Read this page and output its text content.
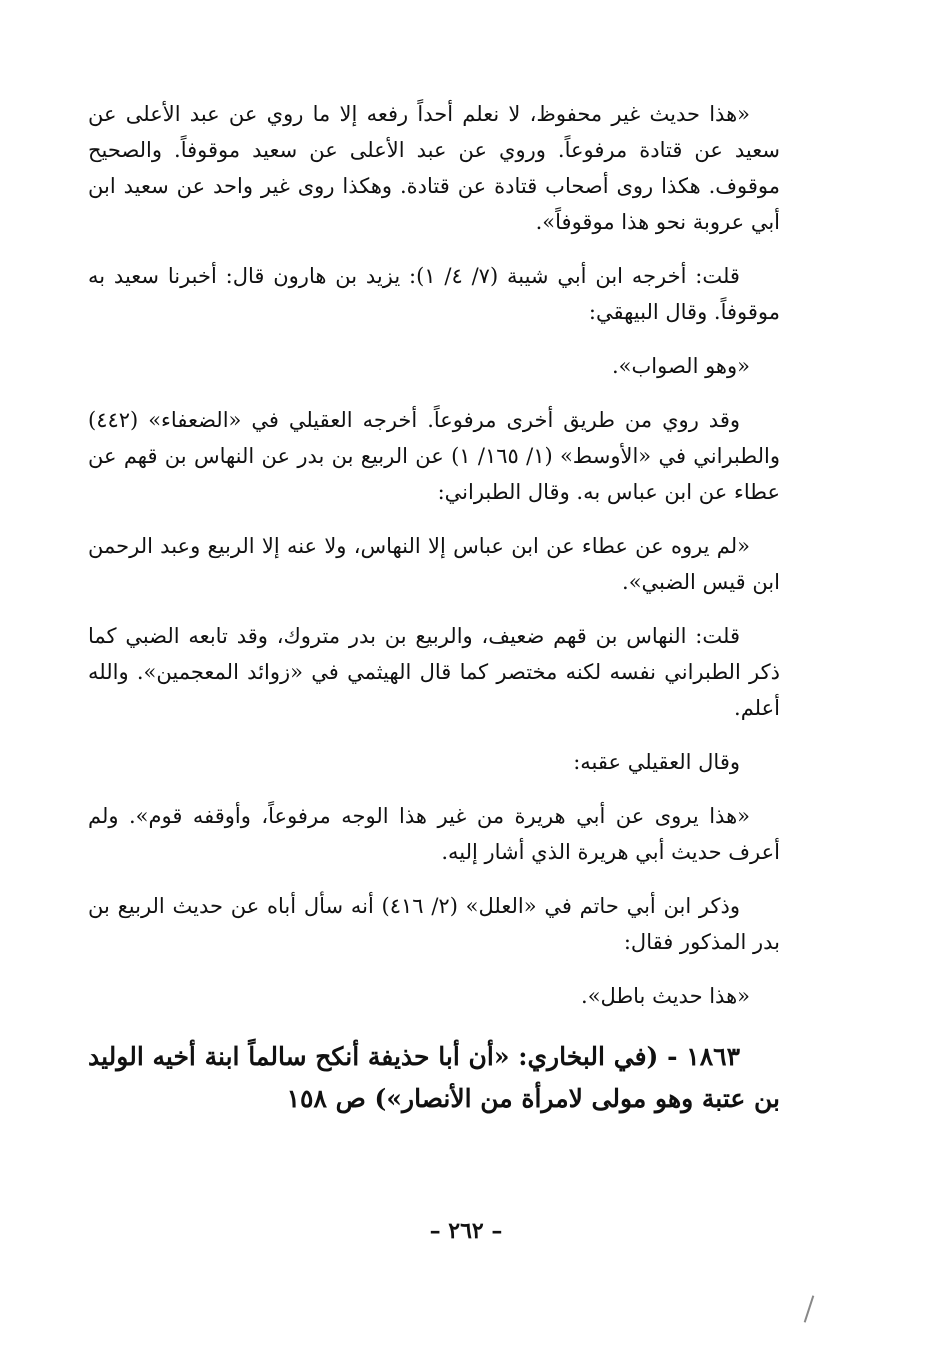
«هذا حديث غير محفوظ، لا نعلم أحداً رفعه إلا ما روي عن عبد الأعلى عن سعيد عن قتادة مرفوعاً. وروي عن عبد الأعلى عن سعيد موقوفاً. والصحيح موقوف. هكذا روى أصحاب قتادة عن قتادة. وهكذا روى غير واحد عن سعيد ابن أبي عروبة نحو هذا موقوفاً».

قلت: أخرجه ابن أبي شيبة (٧/ ٤/ ١): يزيد بن هارون قال: أخبرنا سعيد به موقوفاً. وقال البيهقي:

«وهو الصواب».

وقد روي من طريق أخرى مرفوعاً. أخرجه العقيلي في «الضعفاء» (٤٤٢) والطبراني في «الأوسط» (١/ ١٦٥/ ١) عن الربيع بن بدر عن النهاس بن قهم عن عطاء عن ابن عباس به. وقال الطبراني:

«لم يروه عن عطاء عن ابن عباس إلا النهاس، ولا عنه إلا الربيع وعبد الرحمن ابن قيس الضبي».

قلت: النهاس بن قهم ضعيف، والربيع بن بدر متروك، وقد تابعه الضبي كما ذكر الطبراني نفسه لكنه مختصر كما قال الهيثمي في «زوائد المعجمين». والله أعلم.

وقال العقيلي عقبه:

«هذا يروى عن أبي هريرة من غير هذا الوجه مرفوعاً، وأوقفه قوم». ولم أعرف حديث أبي هريرة الذي أشار إليه.

وذكر ابن أبي حاتم في «العلل» (٢/ ٤١٦) أنه سأل أباه عن حديث الربيع بن بدر المذكور فقال:

«هذا حديث باطل».

١٨٦٣ - (في البخاري: «أن أبا حذيفة أنكح سالماً ابنة أخيه الوليد بن عتبة وهو مولى لامرأة من الأنصار») ص ١٥٨

– ٢٦٢ –
